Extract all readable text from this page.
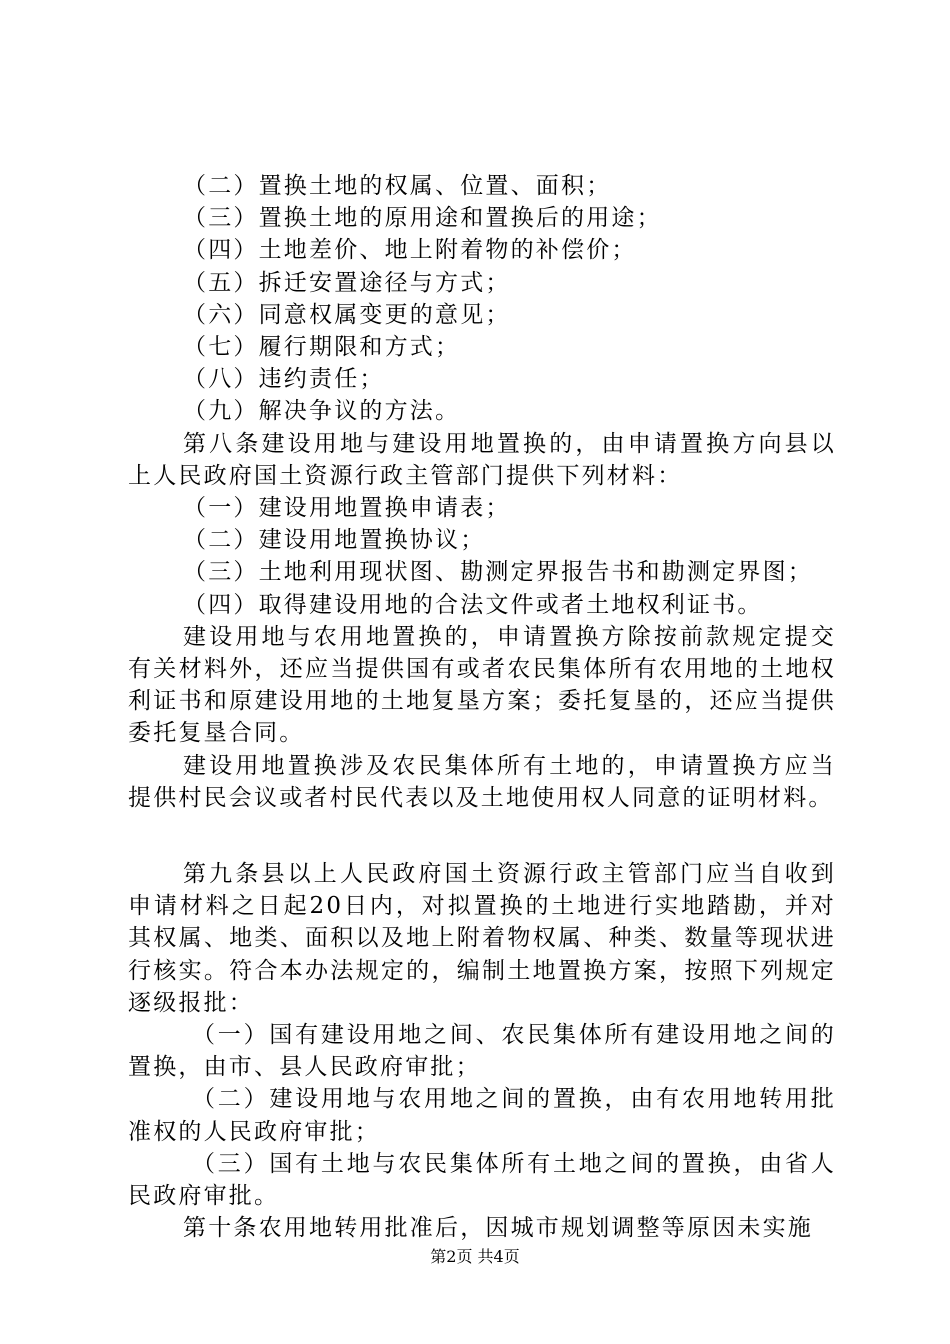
（二）置换土地的权属、位置、面积；

（三）置换土地的原用途和置换后的用途；

（四）土地差价、地上附着物的补偿价；

（五）拆迁安置途径与方式；

（六）同意权属变更的意见；

（七）履行期限和方式；

（八）违约责任；

（九）解决争议的方法。

第八条建设用地与建设用地置换的，由申请置换方向县以上人民政府国土资源行政主管部门提供下列材料：

（一）建设用地置换申请表；

（二）建设用地置换协议；

（三）土地利用现状图、勘测定界报告书和勘测定界图；

（四）取得建设用地的合法文件或者土地权利证书。

建设用地与农用地置换的，申请置换方除按前款规定提交有关材料外，还应当提供国有或者农民集体所有农用地的土地权利证书和原建设用地的土地复垦方案；委托复垦的，还应当提供委托复垦合同。

建设用地置换涉及农民集体所有土地的，申请置换方应当提供村民会议或者村民代表以及土地使用权人同意的证明材料。

第九条县以上人民政府国土资源行政主管部门应当自收到申请材料之日起20日内，对拟置换的土地进行实地踏勘，并对其权属、地类、面积以及地上附着物权属、种类、数量等现状进行核实。符合本办法规定的，编制土地置换方案，按照下列规定逐级报批：

（一）国有建设用地之间、农民集体所有建设用地之间的置换，由市、县人民政府审批；

（二）建设用地与农用地之间的置换，由有农用地转用批准权的人民政府审批；

（三）国有土地与农民集体所有土地之间的置换，由省人民政府审批。

第十条农用地转用批准后，因城市规划调整等原因未实施

第2页 共4页
